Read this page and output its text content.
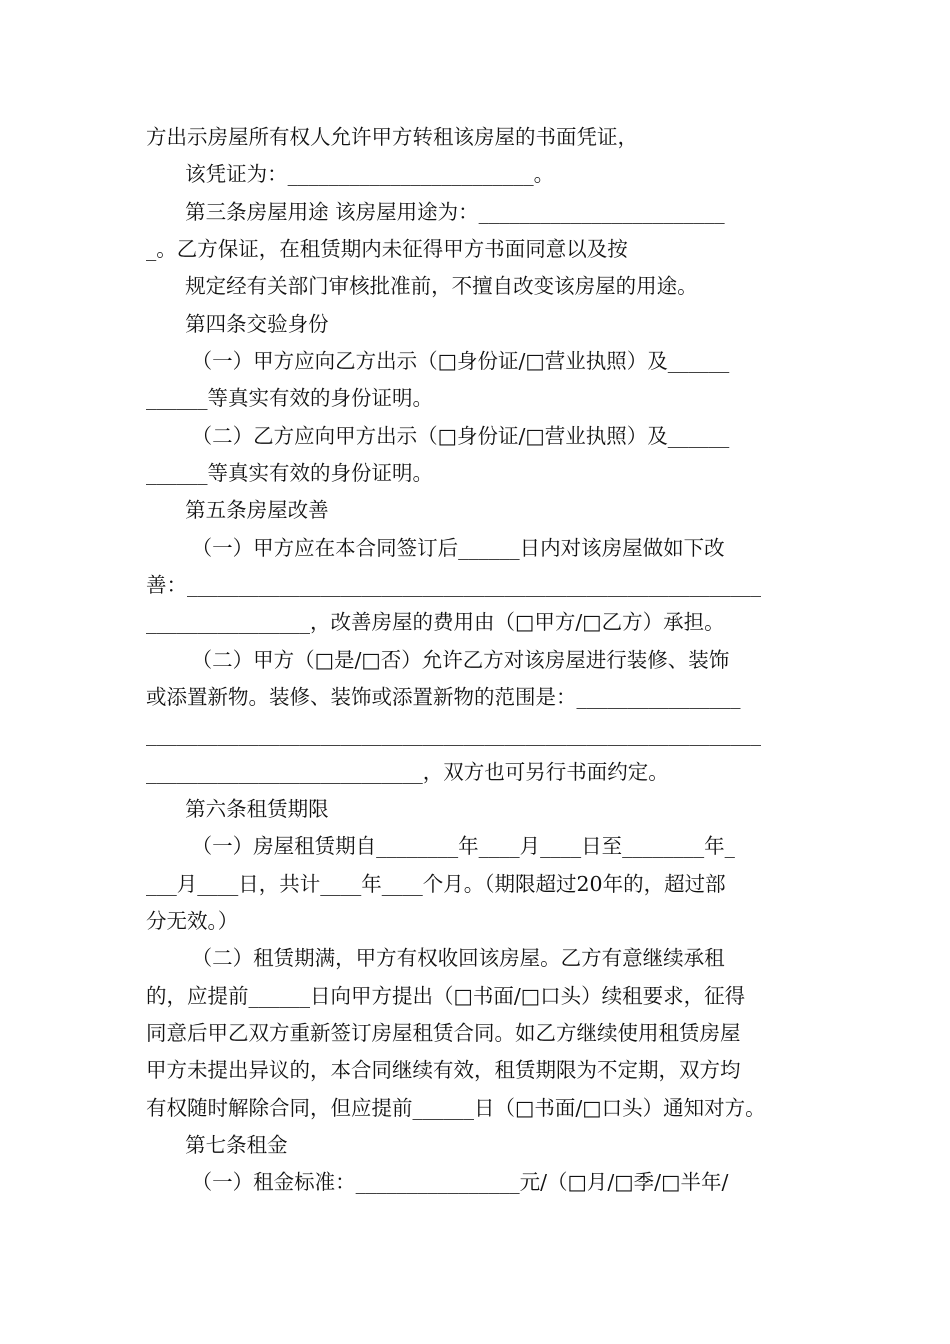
方出示房屋所有权人允许甲方转租该房屋的书面凭证，

该凭证为：________________________。

第三条房屋用途 该房屋用途为：________________________

_。乙方保证，在租赁期内未征得甲方书面同意以及按

规定经有关部门审核批准前，不擅自改变该房屋的用途。

第四条交验身份

（一）甲方应向乙方出示（□身份证/□营业执照）及______

______等真实有效的身份证明。

（二）乙方应向甲方出示（□身份证/□营业执照）及______

______等真实有效的身份证明。

第五条房屋改善

（一）甲方应在本合同签订后______日内对该房屋做如下改

善：________________________________________________________

________________，改善房屋的费用由（□甲方/□乙方）承担。

（二）甲方（□是/□否）允许乙方对该房屋进行装修、装饰

或添置新物。装修、装饰或添置新物的范围是：________________

____________________________________________________________

___________________________，双方也可另行书面约定。

第六条租赁期限

（一）房屋租赁期自________年____月____日至________年_

___月____日，共计____年____个月。（期限超过20年的，超过部

分无效。）

（二）租赁期满，甲方有权收回该房屋。乙方有意继续承租

的，应提前______日向甲方提出（□书面/□口头）续租要求，征得

同意后甲乙双方重新签订房屋租赁合同。如乙方继续使用租赁房屋

甲方未提出异议的，本合同继续有效，租赁期限为不定期，双方均

有权随时解除合同，但应提前______日（□书面/□口头）通知对方。

第七条租金

（一）租金标准：________________元/（□月/□季/□半年/
